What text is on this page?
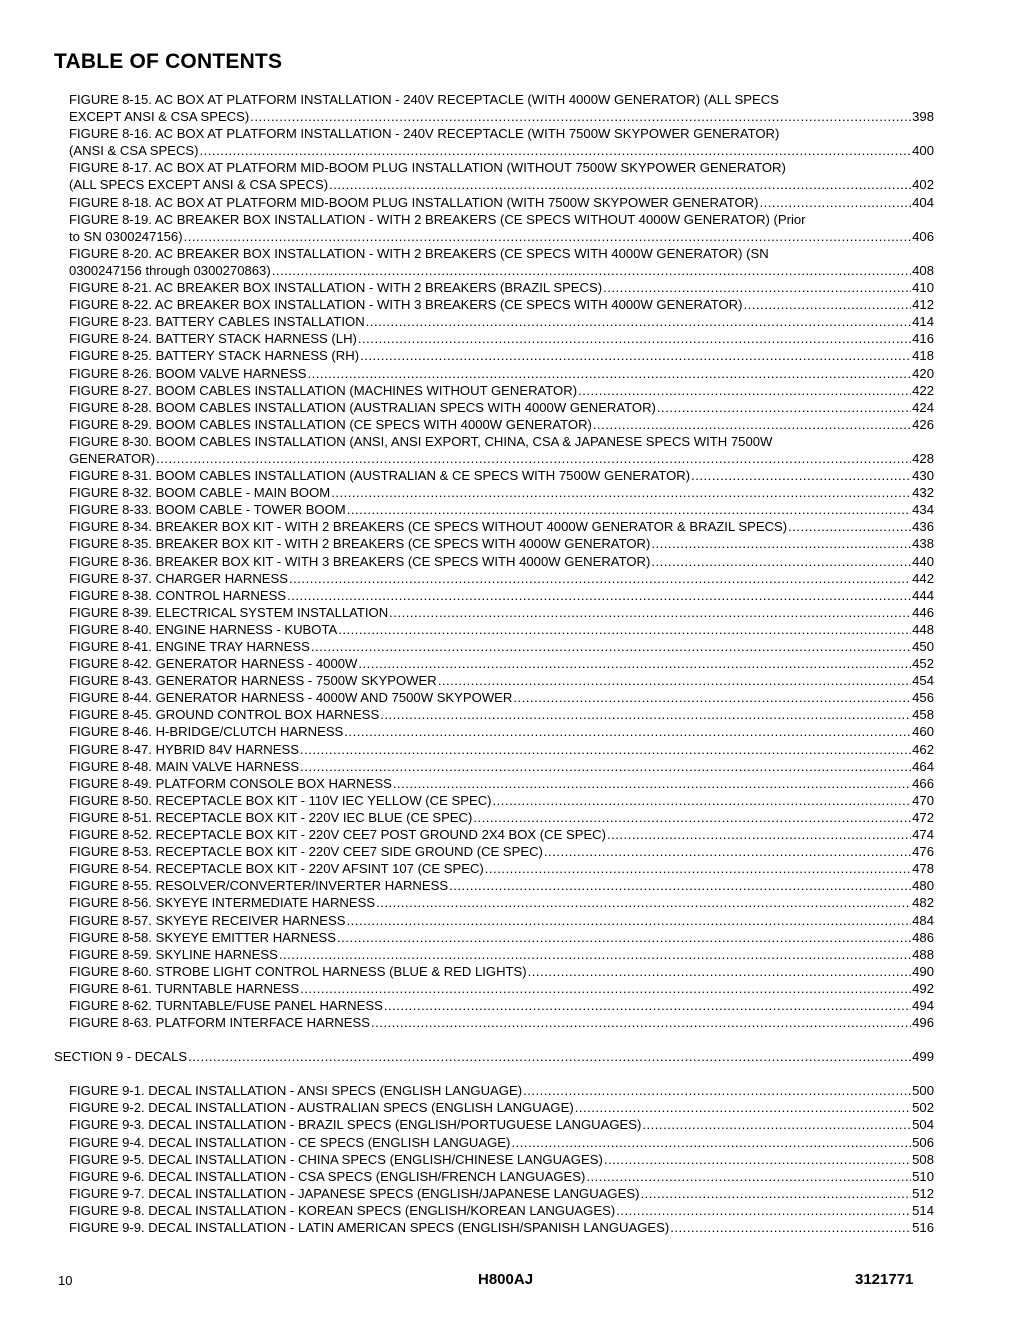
TABLE OF CONTENTS
FIGURE 8-15. AC BOX AT PLATFORM INSTALLATION - 240V RECEPTACLE (WITH 4000W GENERATOR) (ALL SPECS
EXCEPT ANSI & CSA SPECS) .....	398
FIGURE 8-16. AC BOX AT PLATFORM INSTALLATION - 240V RECEPTACLE (WITH 7500W SKYPOWER GENERATOR)
(ANSI & CSA SPECS) .....	400
FIGURE 8-17. AC BOX AT PLATFORM MID-BOOM PLUG INSTALLATION (WITHOUT 7500W SKYPOWER GENERATOR)
(ALL SPECS EXCEPT ANSI & CSA SPECS) .....	402
FIGURE 8-18. AC BOX AT PLATFORM MID-BOOM PLUG INSTALLATION (WITH 7500W SKYPOWER GENERATOR) .....	404
FIGURE 8-19. AC BREAKER BOX INSTALLATION - WITH 2 BREAKERS (CE SPECS WITHOUT 4000W GENERATOR) (Prior
to SN 0300247156) .....	406
FIGURE 8-20. AC BREAKER BOX INSTALLATION - WITH 2 BREAKERS (CE SPECS WITH 4000W GENERATOR) (SN
0300247156 through 0300270863) .....	408
FIGURE 8-21. AC BREAKER BOX INSTALLATION - WITH 2 BREAKERS (BRAZIL SPECS) .....	410
FIGURE 8-22. AC BREAKER BOX INSTALLATION - WITH 3 BREAKERS (CE SPECS WITH 4000W GENERATOR) .....	412
FIGURE 8-23. BATTERY CABLES INSTALLATION .....	414
FIGURE 8-24. BATTERY STACK HARNESS (LH) .....	416
FIGURE 8-25. BATTERY STACK HARNESS (RH) .....	418
FIGURE 8-26. BOOM VALVE HARNESS .....	420
FIGURE 8-27. BOOM CABLES INSTALLATION (MACHINES WITHOUT GENERATOR) .....	422
FIGURE 8-28. BOOM CABLES INSTALLATION (AUSTRALIAN SPECS WITH 4000W GENERATOR) .....	424
FIGURE 8-29. BOOM CABLES INSTALLATION (CE SPECS WITH 4000W GENERATOR) .....	426
FIGURE 8-30. BOOM CABLES INSTALLATION (ANSI, ANSI EXPORT, CHINA, CSA & JAPANESE SPECS WITH 7500W
GENERATOR) .....	428
FIGURE 8-31. BOOM CABLES INSTALLATION (AUSTRALIAN & CE SPECS WITH 7500W GENERATOR) .....	430
FIGURE 8-32. BOOM CABLE - MAIN BOOM .....	432
FIGURE 8-33. BOOM CABLE - TOWER BOOM .....	434
FIGURE 8-34. BREAKER BOX KIT - WITH 2 BREAKERS (CE SPECS WITHOUT 4000W GENERATOR & BRAZIL SPECS) .....	436
FIGURE 8-35. BREAKER BOX KIT - WITH 2 BREAKERS (CE SPECS WITH 4000W GENERATOR) .....	438
FIGURE 8-36. BREAKER BOX KIT - WITH 3 BREAKERS (CE SPECS WITH 4000W GENERATOR) .....	440
FIGURE 8-37. CHARGER HARNESS .....	442
FIGURE 8-38. CONTROL HARNESS .....	444
FIGURE 8-39. ELECTRICAL SYSTEM INSTALLATION .....	446
FIGURE 8-40. ENGINE HARNESS - KUBOTA .....	448
FIGURE 8-41. ENGINE TRAY HARNESS .....	450
FIGURE 8-42. GENERATOR HARNESS - 4000W .....	452
FIGURE 8-43. GENERATOR HARNESS - 7500W SKYPOWER .....	454
FIGURE 8-44. GENERATOR HARNESS - 4000W AND 7500W SKYPOWER .....	456
FIGURE 8-45. GROUND CONTROL BOX HARNESS .....	458
FIGURE 8-46. H-BRIDGE/CLUTCH HARNESS .....	460
FIGURE 8-47. HYBRID 84V HARNESS .....	462
FIGURE 8-48. MAIN VALVE HARNESS .....	464
FIGURE 8-49. PLATFORM CONSOLE BOX HARNESS .....	466
FIGURE 8-50. RECEPTACLE BOX KIT - 110V IEC YELLOW (CE SPEC) .....	470
FIGURE 8-51. RECEPTACLE BOX KIT - 220V IEC BLUE (CE SPEC) .....	472
FIGURE 8-52. RECEPTACLE BOX KIT - 220V CEE7 POST GROUND 2X4 BOX (CE SPEC) .....	474
FIGURE 8-53. RECEPTACLE BOX KIT - 220V CEE7 SIDE GROUND (CE SPEC) .....	476
FIGURE 8-54. RECEPTACLE BOX KIT - 220V AFSINT 107 (CE SPEC) .....	478
FIGURE 8-55. RESOLVER/CONVERTER/INVERTER HARNESS .....	480
FIGURE 8-56. SKYEYE INTERMEDIATE HARNESS .....	482
FIGURE 8-57. SKYEYE RECEIVER HARNESS .....	484
FIGURE 8-58. SKYEYE EMITTER HARNESS .....	486
FIGURE 8-59. SKYLINE HARNESS .....	488
FIGURE 8-60. STROBE LIGHT CONTROL HARNESS (BLUE & RED LIGHTS) .....	490
FIGURE 8-61. TURNTABLE HARNESS .....	492
FIGURE 8-62. TURNTABLE/FUSE PANEL HARNESS .....	494
FIGURE 8-63. PLATFORM INTERFACE HARNESS .....	496
SECTION 9 - DECALS .....	499
FIGURE 9-1. DECAL INSTALLATION - ANSI SPECS (ENGLISH LANGUAGE) .....	500
FIGURE 9-2. DECAL INSTALLATION - AUSTRALIAN SPECS (ENGLISH LANGUAGE) .....	502
FIGURE 9-3. DECAL INSTALLATION - BRAZIL SPECS (ENGLISH/PORTUGUESE LANGUAGES) .....	504
FIGURE 9-4. DECAL INSTALLATION - CE SPECS (ENGLISH LANGUAGE) .....	506
FIGURE 9-5. DECAL INSTALLATION - CHINA SPECS (ENGLISH/CHINESE LANGUAGES) .....	508
FIGURE 9-6. DECAL INSTALLATION - CSA SPECS (ENGLISH/FRENCH LANGUAGES) .....	510
FIGURE 9-7. DECAL INSTALLATION - JAPANESE SPECS (ENGLISH/JAPANESE LANGUAGES) .....	512
FIGURE 9-8. DECAL INSTALLATION - KOREAN SPECS (ENGLISH/KOREAN LANGUAGES) .....	514
FIGURE 9-9. DECAL INSTALLATION - LATIN AMERICAN SPECS (ENGLISH/SPANISH LANGUAGES) .....	516
10	H800AJ	3121771
